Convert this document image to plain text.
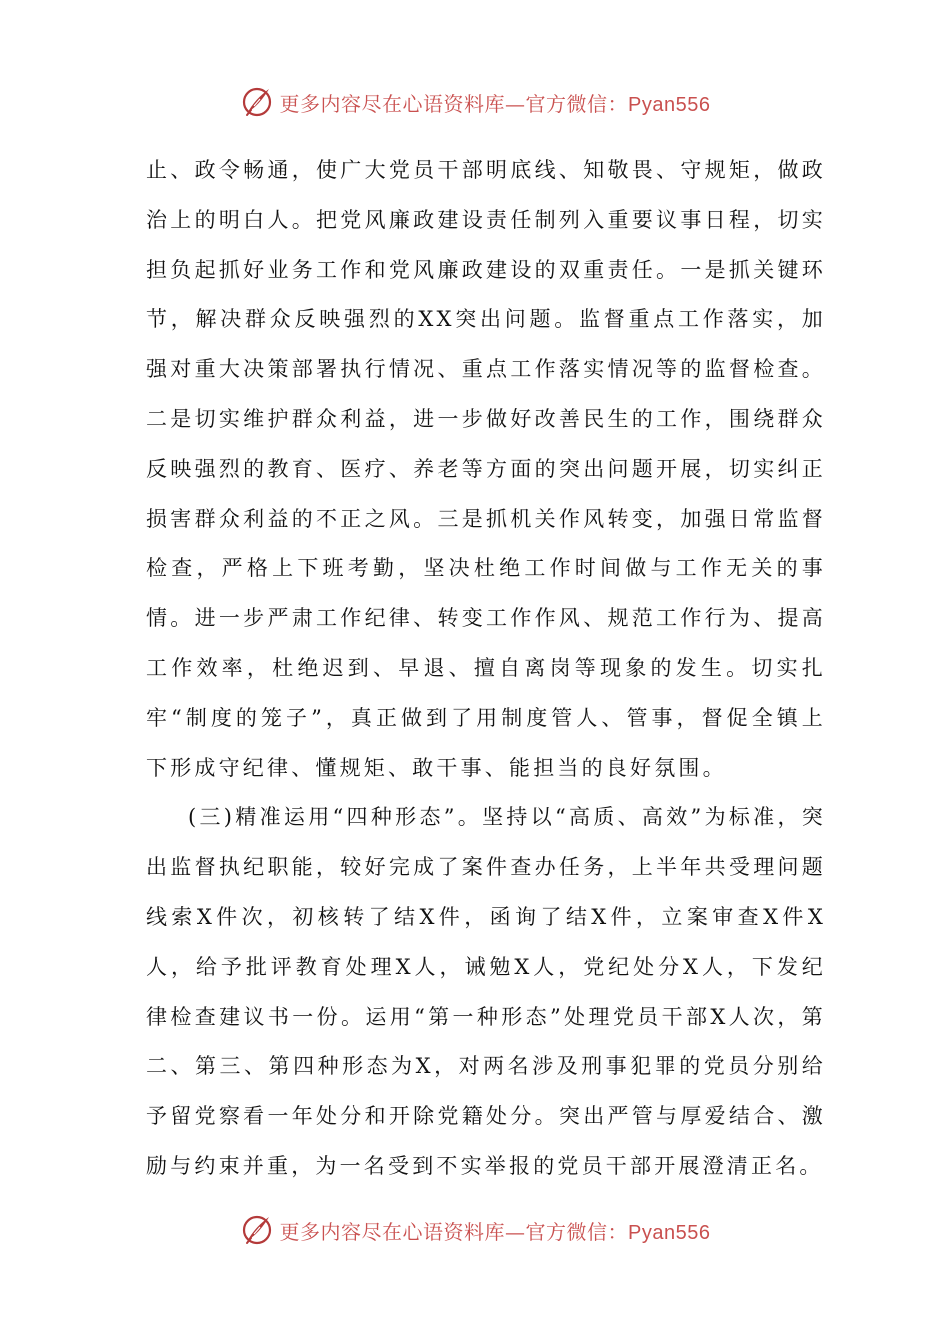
更多内容尽在心语资料库—官方微信：Pyan556

止、政令畅通，使广大党员干部明底线、知敬畏、守规矩，做政治上的明白人。把党风廉政建设责任制列入重要议事日程，切实担负起抓好业务工作和党风廉政建设的双重责任。一是抓关键环节，解决群众反映强烈的XX突出问题。监督重点工作落实，加强对重大决策部署执行情况、重点工作落实情况等的监督检查。二是切实维护群众利益，进一步做好改善民生的工作，围绕群众反映强烈的教育、医疗、养老等方面的突出问题开展，切实纠正损害群众利益的不正之风。三是抓机关作风转变，加强日常监督检查，严格上下班考勤，坚决杜绝工作时间做与工作无关的事情。进一步严肃工作纪律、转变工作作风、规范工作行为、提高工作效率，杜绝迟到、早退、擅自离岗等现象的发生。切实扎牢“制度的笼子”，真正做到了用制度管人、管事，督促全镇上下形成守纪律、懂规矩、敢干事、能担当的良好氛围。

(三)精准运用“四种形态”。坚持以“高质、高效”为标准，突出监督执纪职能，较好完成了案件查办任务，上半年共受理问题线索X件次，初核转了结X件，函询了结X件，立案审查X件X人，给予批评教育处理X人，诫勉X人，党纪处分X人，下发纪律检查建议书一份。运用“第一种形态”处理党员干部X人次，第二、第三、第四种形态为X，对两名涉及刑事犯罪的党员分别给予留党察看一年处分和开除党籍处分。突出严管与厚爱结合、激励与约束并重，为一名受到不实举报的党员干部开展澄清正名。

更多内容尽在心语资料库—官方微信：Pyan556
